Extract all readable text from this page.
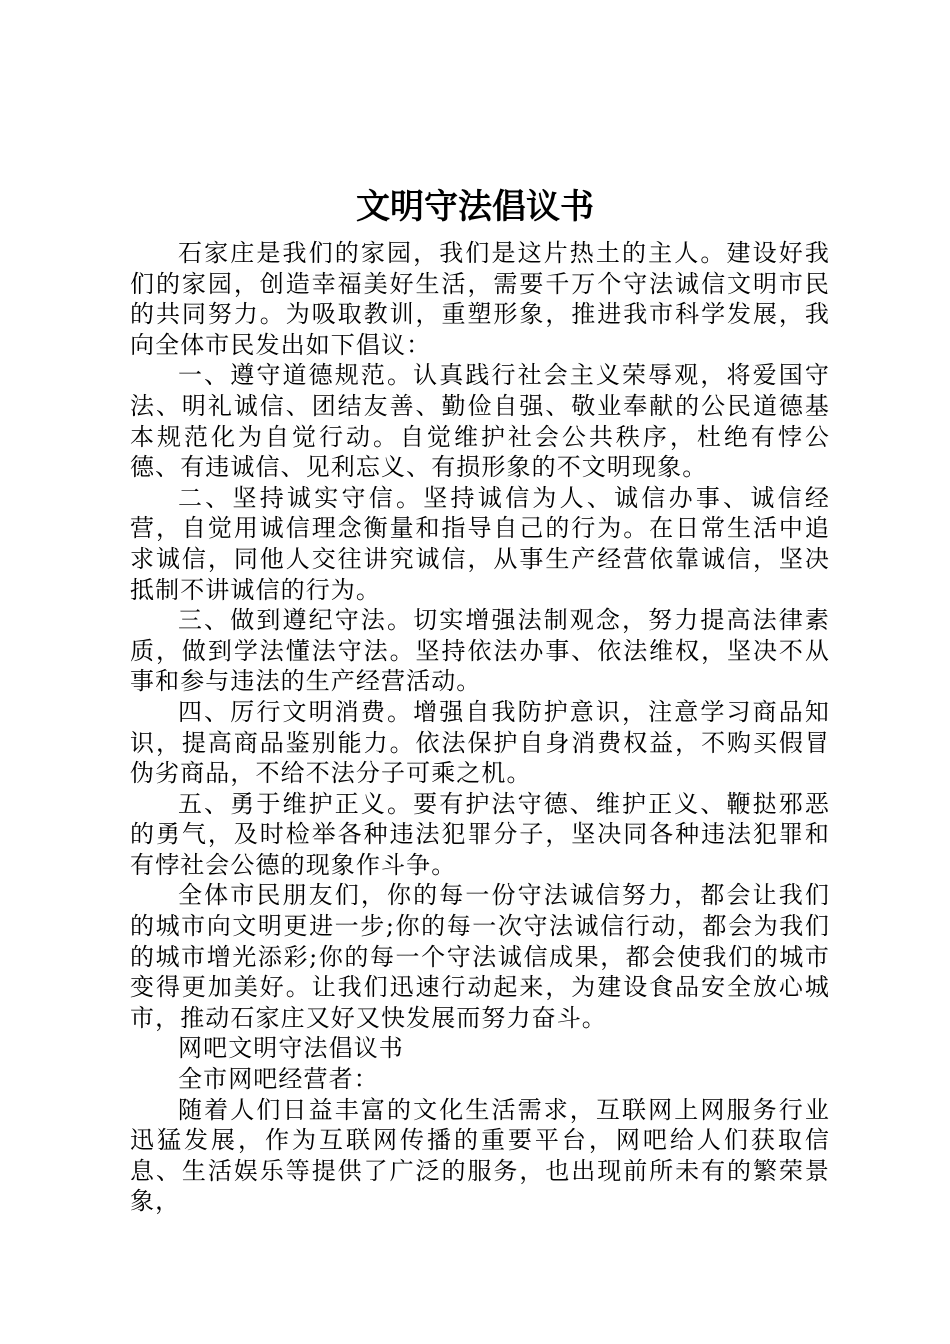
文明守法倡议书

石家庄是我们的家园，我们是这片热土的主人。建设好我们的家园，创造幸福美好生活，需要千万个守法诚信文明市民的共同努力。为吸取教训，重塑形象，推进我市科学发展，我向全体市民发出如下倡议：

一、遵守道德规范。认真践行社会主义荣辱观，将爱国守法、明礼诚信、团结友善、勤俭自强、敬业奉献的公民道德基本规范化为自觉行动。自觉维护社会公共秩序，杜绝有悖公德、有违诚信、见利忘义、有损形象的不文明现象。

二、坚持诚实守信。坚持诚信为人、诚信办事、诚信经营，自觉用诚信理念衡量和指导自己的行为。在日常生活中追求诚信，同他人交往讲究诚信，从事生产经营依靠诚信，坚决抵制不讲诚信的行为。

三、做到遵纪守法。切实增强法制观念，努力提高法律素质，做到学法懂法守法。坚持依法办事、依法维权，坚决不从事和参与违法的生产经营活动。

四、厉行文明消费。增强自我防护意识，注意学习商品知识，提高商品鉴别能力。依法保护自身消费权益，不购买假冒伪劣商品，不给不法分子可乘之机。

五、勇于维护正义。要有护法守德、维护正义、鞭挞邪恶的勇气，及时检举各种违法犯罪分子，坚决同各种违法犯罪和有悖社会公德的现象作斗争。

全体市民朋友们，你的每一份守法诚信努力，都会让我们的城市向文明更进一步;你的每一次守法诚信行动，都会为我们的城市增光添彩;你的每一个守法诚信成果，都会使我们的城市变得更加美好。让我们迅速行动起来，为建设食品安全放心城市，推动石家庄又好又快发展而努力奋斗。

网吧文明守法倡议书

全市网吧经营者：

随着人们日益丰富的文化生活需求，互联网上网服务行业迅猛发展，作为互联网传播的重要平台，网吧给人们获取信息、生活娱乐等提供了广泛的服务，也出现前所未有的繁荣景象，
